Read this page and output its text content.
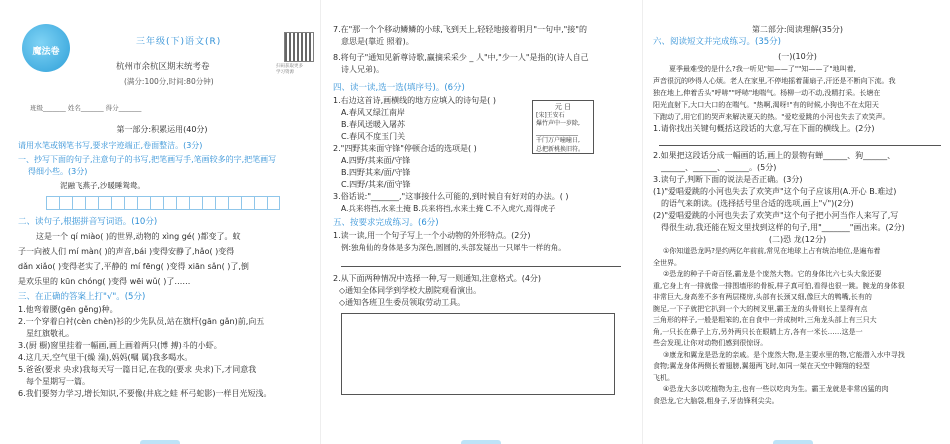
魔法卷
三年级(下)语文(R)
扫码获取更多学习资源
杭州市余杭区期末统考卷
(满分:100分,时间:80分钟)
班级_______ 姓名_______ 得分_______
第一部分:积累运用(40分)
请用水笔或钢笔书写,要求字迹端正,卷面整洁。(3分)
一、抄写下面的句子,注意句子的书写,把笔画写手,笔画较多的字,把笔画写
得细小些。(3分)
泥融飞燕子,沙暖睡鸳鸯。
二、读句子,根据拼音写词语。(10分)
这是一个 qí miào( )的世界,动物的 xìng gé( )都变了。蚊
子一向被人们 mí màn( )的声音,bái )变得安静了,hǎo( )变得
dǎn xiǎo( )变得老实了,平静的 mí fēng( )变得 xiān sǎn( )了,倒
是欢乐里的 kūn chóng( )变得 wēi wǔ( )了……
三、在正确的答案上打"√"。(5分)
1.他弯着腰(gēn gěng)种。
2.一个穿着白衬(cèn chèn)衫的少先队员,站在旗杆(gān gǎn)前,向五
星红旗敬礼。
3.(厨 橱)窗里挂着一幅画,画上画着两只(博 搏)斗的小虾。
4.这几天,空气里干(燥 澡),妈妈(嘱 属)我多喝水。
5.爸爸(要求 央求)我每天写一篇日记,在我的(要求 央求)下,才同意我
每个星期写一篇。
6.我们要努力学习,增长知识,不要像(井底之蛙 杯弓蛇影)一样目光短浅。
7.在"那一个个移动鳞鳞的小球,飞到天上,轻轻地接着明月"一句中,"接"的
意思是(靠近 照着)。
8.将句子"通知见新尊诗歌,赢摘采采少 _ 人"中,"少一人"是指的(诗人自己
诗人兄弟)。
四、读一读,选一选(填序号)。(6分)
1.右边这首诗,画横线的地方应填入的诗句是( )
A.春风又绿江南岸
B.春风送暖入屠苏
C.春风不度玉门关
2."四野其来面守锋"停顿合适的选项是( )
A.四野/其来面/守锋
B.四野其来/面/守锋
C.四野/其来/面守锋
3.俗话说:"_______,"这事接什么可能的,到时候自有好对的办法。( )
A.兵来将挡,水来土掩 B.兵来将挡,水来土掩 C.不入虎穴,焉得虎子
五、按要求完成练习。(6分)
1.读一读,用一个句子写上一个小动物的外形特点。(2分)
例:独角仙的身体是多为深色,圆圆的,头部发疑出一只犀牛一样的角。
2.从下面两种情况中选择一种,写一则通知,注意格式。(4分)
◇通知全体同学到学校大剧院观看演出。
◇通知各班卫生委员领取劳动工具。
元 日
[宋]王安石
爆竹声中一岁除,
______________
千门万户曈曈日,
总把新桃换旧符。
第二部分:阅读理解(35分)
六、阅读短文并完成练习。(35分)
(一)(10分)
夏季最难受的是什么?我一听见"知——了""知——了"地叫着,
声音很沉的吵得人心烦。老人在家里,不停地摇着蒲扇子,汗还是不断向下流。我
独在地上,伸着舌头"呼哧""呼哧"地喘气。杨柳一动不动,没精打采。长塘在
阳光直射下,大口大口的在喘气。"热啊,渴呀!"有的时候,小狗也不在太阳天
下跑动了,用它们的哭声来解决夏天的热。"爱吃爱跳的小河也失去了欢笑声。
1.请你找出关键句概括这段话的大意,写在下面的横线上。(2分)
2.如果把这段话分成一幅画的话,画上的景物有蝉______、狗______、
______、______、______。(5分)
3.读句子,判断下面的说法是否正确。(3分)
(1)"爱唱爱跳的小河也失去了欢笑声"这个句子应该用(A.开心 B.难过)
的语气来朗读。(选择括号里合适的选项,画上"√")(2分)
(2)"爱唱爱跳的小河也失去了欢笑声"这个句子把小河当作人来写了,写
得很生动,我还能在短文里找到这样的句子,用"_______"画出来。(2分)
(二)恐 龙(12分)
①你知道恐龙吗?是约两亿年前前,常见在地球上占有统治地位,是遍布着
全世界。
②恐龙的种子千奇百怪,霸龙是个庞然大物。它的身体比六七头大象还要
重,它身上有一排就像一排围墙形的骨板,样子真可怕,看得也很一跳。腕龙的身体很
非常巨大,身高差不多有两层楼房,头部有长颈又细,像巨大的鸭嘴,长有的
腕足,一下子就把它扒到一个大的树叉里,霸王龙的头骨则长上显得有点
三角形的样子,一般是粗笨的,在自食中一并成树叶,三角龙头部上有三只大
角,一只长在鼻子上方,另外两只长在眼睛上方,各有一米长……这是一
些会发现,让你对动物们感到很惊讶。
③康龙和翼龙是恐龙的亲戚。是个庞然大物,是主要水里的物,它能潜入水中寻找
食物;翼龙身体两侧长着翅膀,翼翅两飞时,如同一架在天空中翱翔的轻型
飞机。
④恐龙大多以吃植物为主,也有一些以吃肉为生。霸王龙就是非常凶猛的肉
食恐龙,它大脑袋,粗身子,牙齿锋利尖尖。
